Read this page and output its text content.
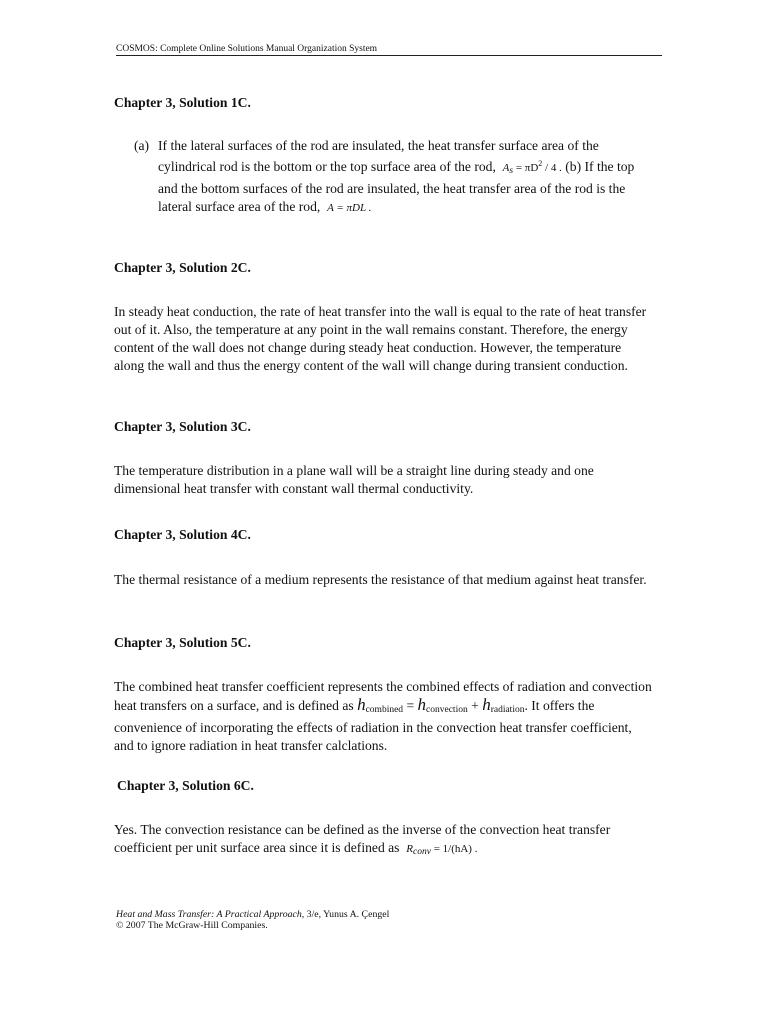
COSMOS: Complete Online Solutions Manual Organization System
Chapter 3, Solution 1C.
(a) If the lateral surfaces of the rod are insulated, the heat transfer surface area of the cylindrical rod is the bottom or the top surface area of the rod, $As = \pi D^2 / 4$ . (b) If the top and the bottom surfaces of the rod are insulated, the heat transfer area of the rod is the lateral surface area of the rod, A = πDL .
Chapter 3, Solution 2C.
In steady heat conduction, the rate of heat transfer into the wall is equal to the rate of heat transfer out of it. Also, the temperature at any point in the wall remains constant. Therefore, the energy content of the wall does not change during steady heat conduction. However, the temperature along the wall and thus the energy content of the wall will change during transient conduction.
Chapter 3, Solution 3C.
The temperature distribution in a plane wall will be a straight line during steady and one dimensional heat transfer with constant wall thermal conductivity.
Chapter 3, Solution 4C.
The thermal resistance of a medium represents the resistance of that medium against heat transfer.
Chapter 3, Solution 5C.
The combined heat transfer coefficient represents the combined effects of radiation and convection heat transfers on a surface, and is defined as $h_{combined} = h_{convection} + h_{radiation}$. It offers the convenience of incorporating the effects of radiation in the convection heat transfer coefficient, and to ignore radiation in heat transfer calclations.
Chapter 3, Solution 6C.
Yes. The convection resistance can be defined as the inverse of the convection heat transfer coefficient per unit surface area since it is defined as Rconv = 1/(hA) .
Heat and Mass Transfer: A Practical Approach, 3/e, Yunus A. Çengel
© 2007 The McGraw-Hill Companies.
